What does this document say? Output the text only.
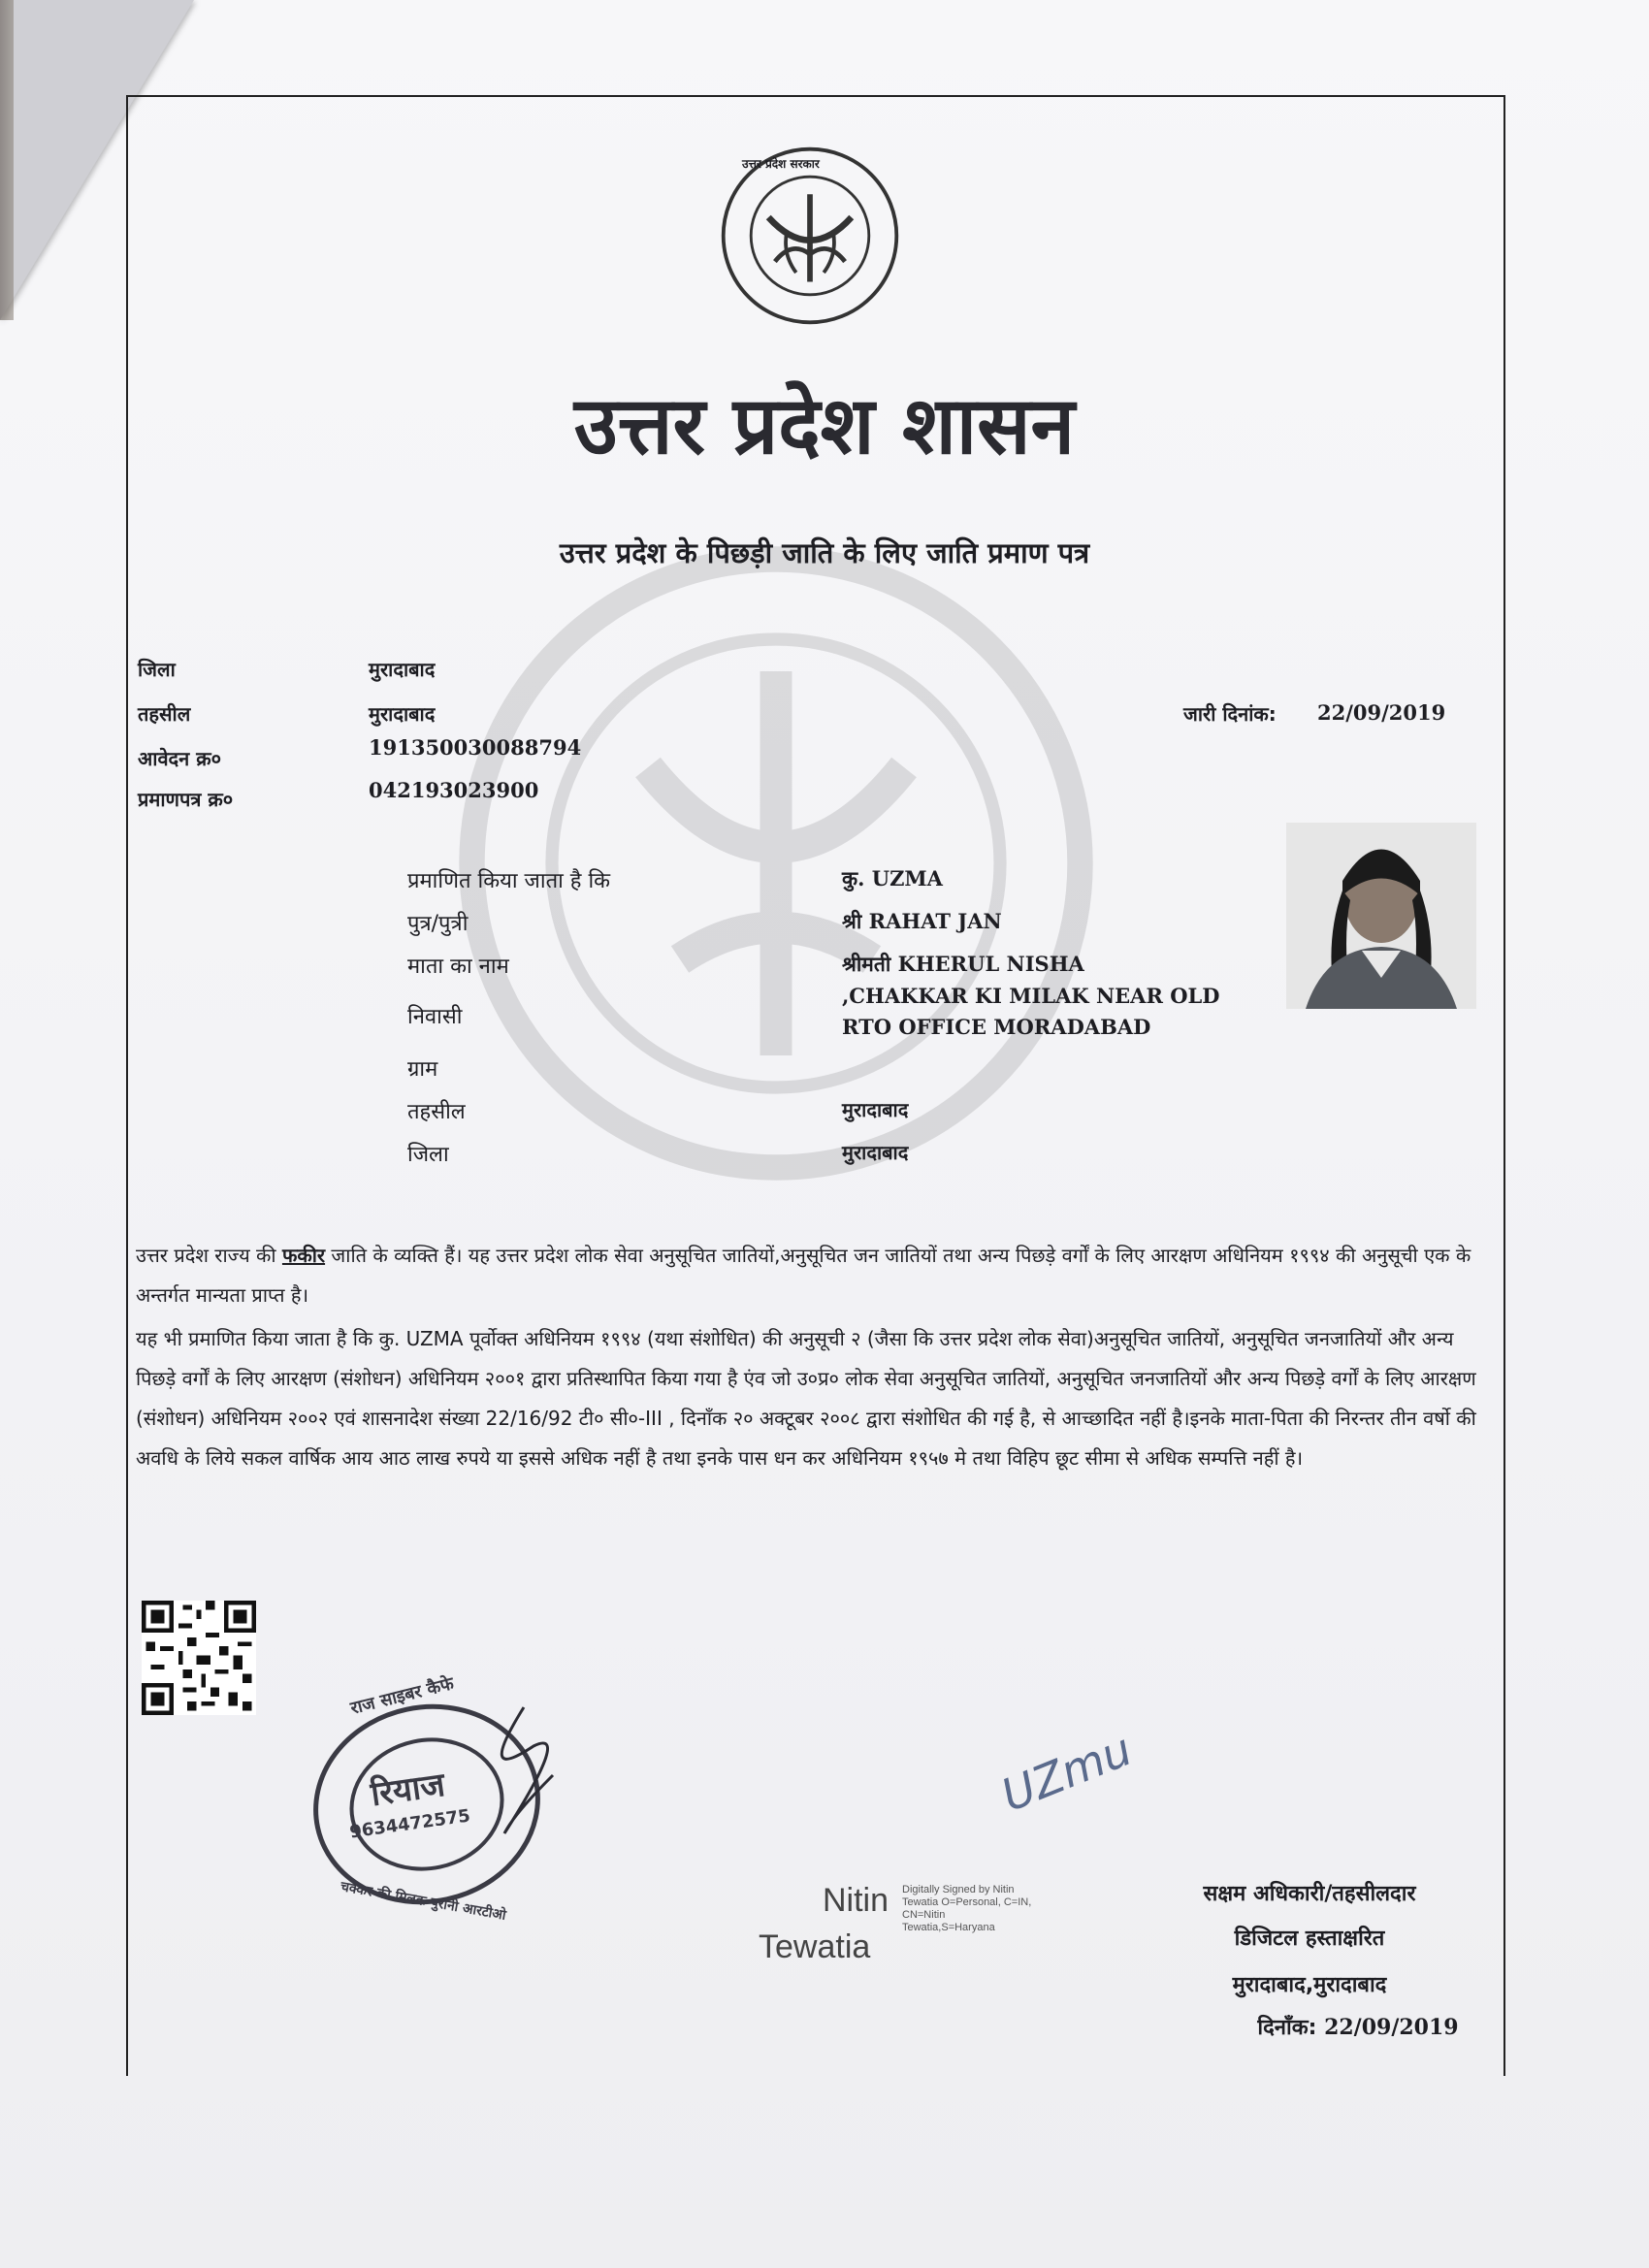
उत्तर प्रदेश सरकार
उत्तर प्रदेश शासन
उत्तर प्रदेश के पिछड़ी जाति के लिए जाति प्रमाण पत्र
जिला	मुरादाबाद
तहसील	मुरादाबाद
आवेदन क्र०	191350030088794
प्रमाणपत्र क्र०	042193023900
जारी दिनांक: 22/09/2019
प्रमाणित किया जाता है कि	कु. UZMA
पुत्र/पुत्री	श्री RAHAT JAN
माता का नाम	श्रीमती KHERUL NISHA
निवासी
,CHAKKAR KI MILAK NEAR OLD
RTO OFFICE MORADABAD
ग्राम
तहसील	मुरादाबाद
जिला	मुरादाबाद
उत्तर प्रदेश राज्य की फकीर जाति के व्यक्ति हैं। यह उत्तर प्रदेश लोक सेवा अनुसूचित जातियों,अनुसूचित जन जातियों तथा अन्य पिछड़े वर्गों के लिए आरक्षण अधिनियम १९९४ की अनुसूची एक के अन्तर्गत मान्यता प्राप्त है।
यह भी प्रमाणित किया जाता है कि कु. UZMA पूर्वोक्त अधिनियम १९९४ (यथा संशोधित) की अनुसूची २ (जैसा कि उत्तर प्रदेश लोक सेवा)अनुसूचित जातियों, अनुसूचित जनजातियों और अन्य पिछड़े वर्गों के लिए आरक्षण (संशोधन) अधिनियम २००१ द्वारा प्रतिस्थापित किया गया है एंव जो उ०प्र० लोक सेवा अनुसूचित जातियों, अनुसूचित जनजातियों और अन्य पिछड़े वर्गों के लिए आरक्षण (संशोधन) अधिनियम २००२ एवं शासनादेश संख्या 22/16/92 टी० सी०-III , दिनाँक २० अक्टूबर २००८ द्वारा संशोधित की गई है, से आच्छादित नहीं है।इनके माता-पिता की निरन्तर तीन वर्षो की अवधि के लिये सकल वार्षिक आय आठ लाख रुपये या इससे अधिक नहीं है तथा इनके पास धन कर अधिनियम १९५७ मे तथा विहिप छूट सीमा से अधिक सम्पत्ति नहीं है।
राज साइबर कैफे
रियाज
9634472575
चक्कर की मिलक पुरानी आरटीओ
UZmu
Nitin
Tewatia
Digitally Signed by Nitin
Tewatia O=Personal, C=IN,
CN=Nitin
Tewatia,S=Haryana
सक्षम अधिकारी/तहसीलदार
डिजिटल हस्ताक्षरित
मुरादाबाद,मुरादाबाद
दिनाँक: 22/09/2019
